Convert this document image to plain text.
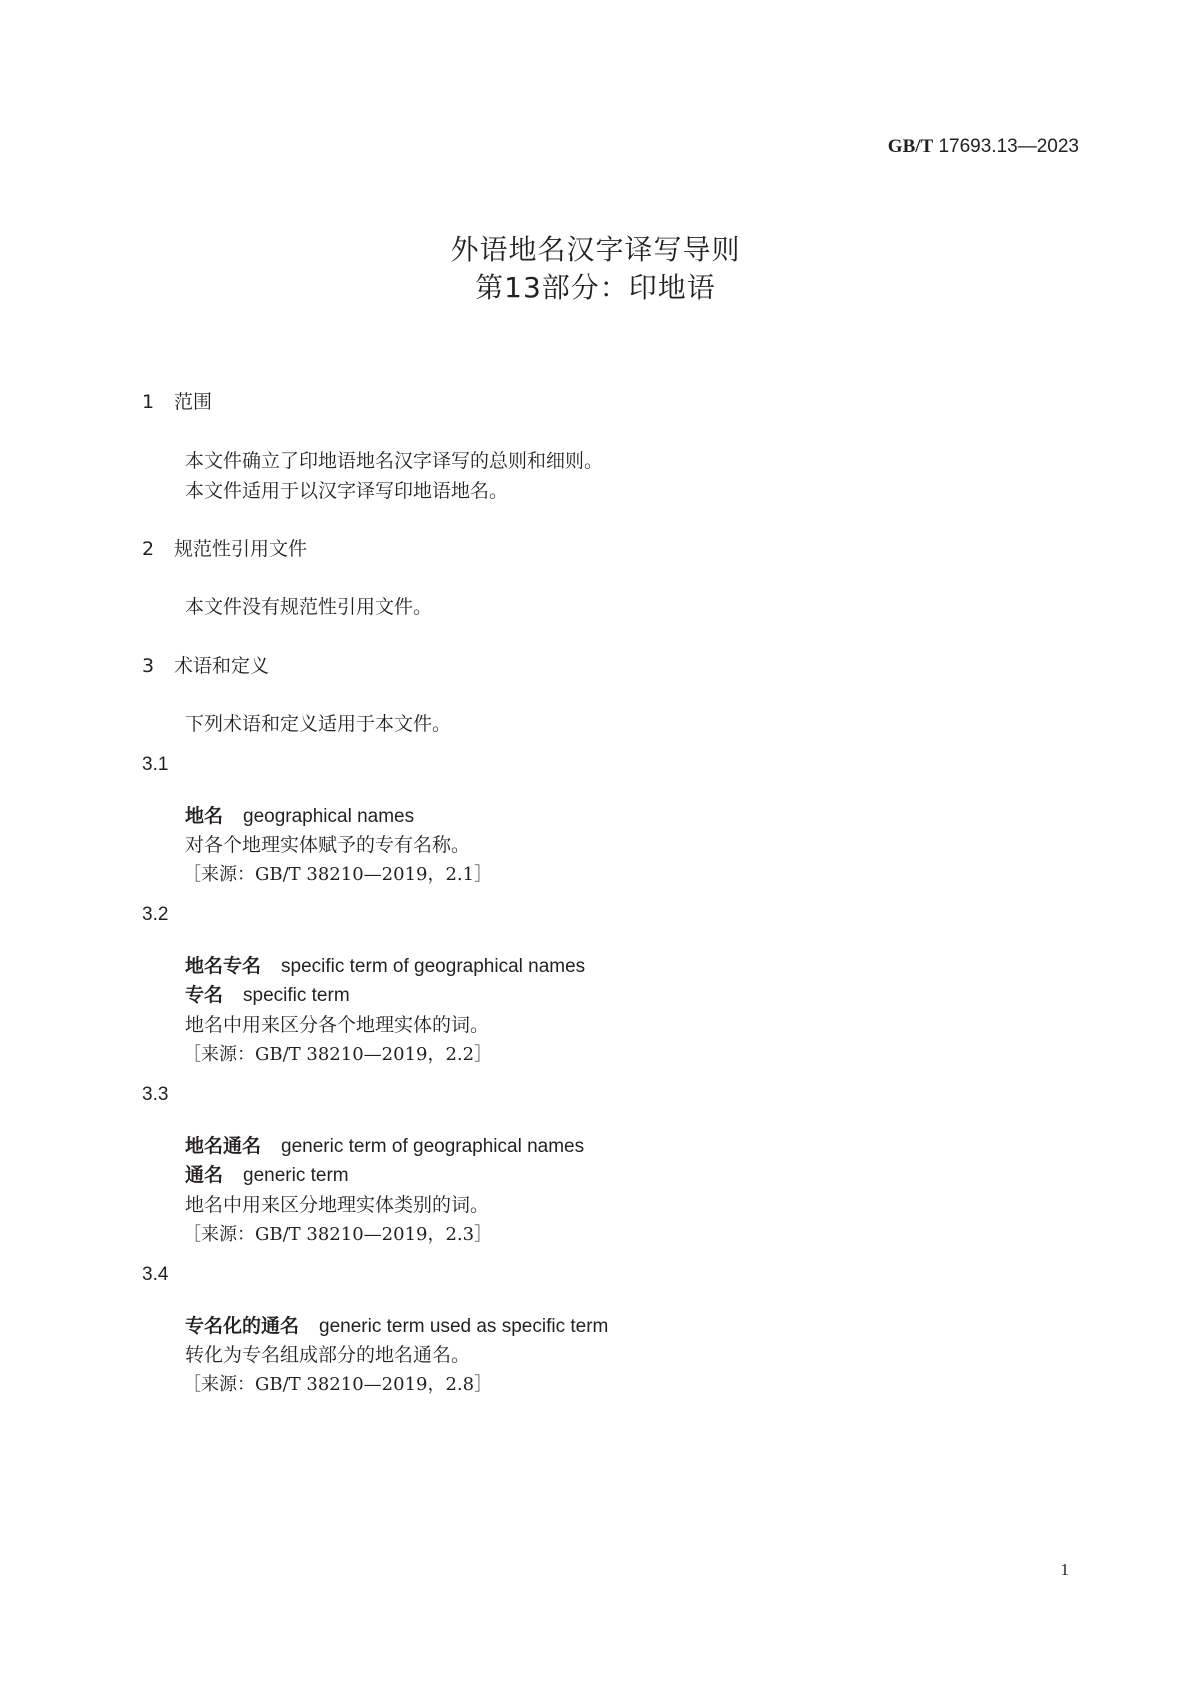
GB/T 17693.13—2023
外语地名汉字译写导则
第13部分：印地语
1 范围
本文件确立了印地语地名汉字译写的总则和细则。
本文件适用于以汉字译写印地语地名。
2 规范性引用文件
本文件没有规范性引用文件。
3 术语和定义
下列术语和定义适用于本文件。
3.1
地名 geographical names
对各个地理实体赋予的专有名称。
［来源：GB/T 38210—2019，2.1］
3.2
地名专名 specific term of geographical names
专名 specific term
地名中用来区分各个地理实体的词。
［来源：GB/T 38210—2019，2.2］
3.3
地名通名 generic term of geographical names
通名 generic term
地名中用来区分地理实体类别的词。
［来源：GB/T 38210—2019，2.3］
3.4
专名化的通名 generic term used as specific term
转化为专名组成部分的地名通名。
［来源：GB/T 38210—2019，2.8］
1
